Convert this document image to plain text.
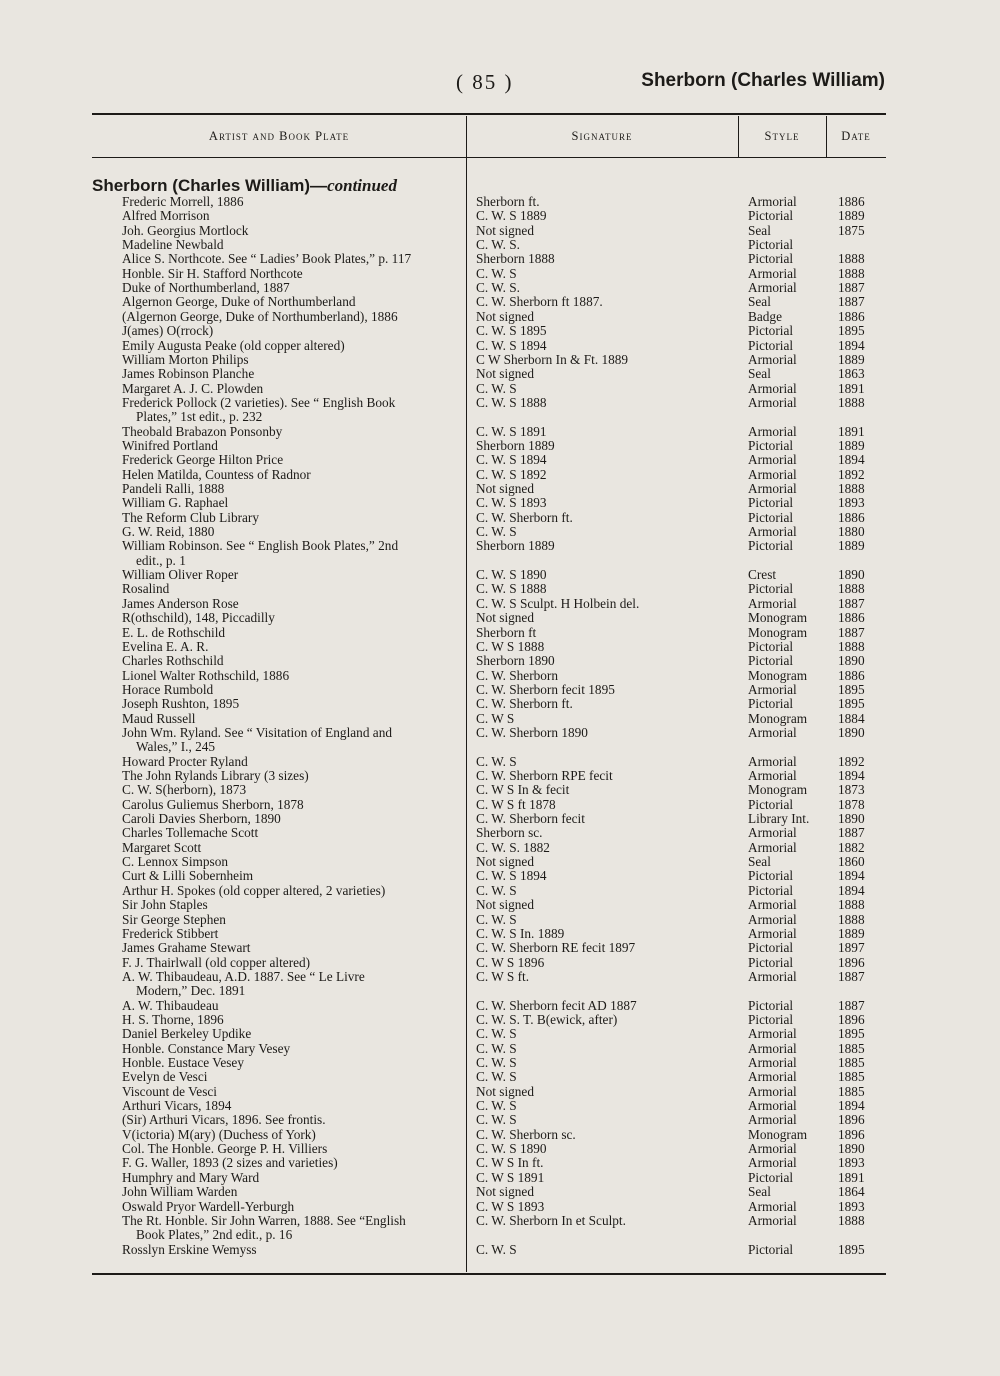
( 85 )	Sherborn (Charles William)
Artist and Book Plate	Signature	Style	Date
Sherborn (Charles William)—continued
Frederic Morrell, 1886	Sherborn ft.	Armorial	1886
Alfred Morrison	C. W. S 1889	Pictorial	1889
Joh. Georgius Mortlock	Not signed	Seal	1875
Madeline Newbald	C. W. S.	Pictorial
Alice S. Northcote. See “ Ladies’ Book Plates,” p. 117	Sherborn 1888	Pictorial	1888
Honble. Sir H. Stafford Northcote	C. W. S	Armorial	1888
Duke of Northumberland, 1887	C. W. S.	Armorial	1887
Algernon George, Duke of Northumberland	C. W. Sherborn ft 1887.	Seal	1887
(Algernon George, Duke of Northumberland), 1886	Not signed	Badge	1886
J(ames) O(rrock)	C. W. S 1895	Pictorial	1895
Emily Augusta Peake (old copper altered)	C. W. S 1894	Pictorial	1894
William Morton Philips	C W Sherborn In & Ft. 1889	Armorial	1889
James Robinson Planche	Not signed	Seal	1863
Margaret A. J. C. Plowden	C. W. S	Armorial	1891
Frederick Pollock (2 varieties). See “ English Book
Plates,” 1st edit., p. 232
C. W. S 1888	Armorial	1888
Theobald Brabazon Ponsonby	C. W. S 1891	Armorial	1891
Winifred Portland	Sherborn 1889	Pictorial	1889
Frederick George Hilton Price	C. W. S 1894	Armorial	1894
Helen Matilda, Countess of Radnor	C. W. S 1892	Armorial	1892
Pandeli Ralli, 1888	Not signed	Armorial	1888
William G. Raphael	C. W. S 1893	Pictorial	1893
The Reform Club Library	C. W. Sherborn ft.	Pictorial	1886
G. W. Reid, 1880	C. W. S	Armorial	1880
William Robinson. See “ English Book Plates,” 2nd
edit., p. 1
Sherborn 1889	Pictorial	1889
William Oliver Roper	C. W. S 1890	Crest	1890
Rosalind	C. W. S 1888	Pictorial	1888
James Anderson Rose	C. W. S Sculpt. H Holbein del.	Armorial	1887
R(othschild), 148, Piccadilly	Not signed	Monogram	1886
E. L. de Rothschild	Sherborn ft	Monogram	1887
Evelina E. A. R.	C. W S 1888	Pictorial	1888
Charles Rothschild	Sherborn 1890	Pictorial	1890
Lionel Walter Rothschild, 1886	C. W. Sherborn	Monogram	1886
Horace Rumbold	C. W. Sherborn fecit 1895	Armorial	1895
Joseph Rushton, 1895	C. W. Sherborn ft.	Pictorial	1895
Maud Russell	C. W S	Monogram	1884
John Wm. Ryland. See “ Visitation of England and
Wales,” I., 245
C. W. Sherborn 1890	Armorial	1890
Howard Procter Ryland	C. W. S	Armorial	1892
The John Rylands Library (3 sizes)	C. W. Sherborn RPE fecit	Armorial	1894
C. W. S(herborn), 1873	C. W S In & fecit	Monogram	1873
Carolus Guliemus Sherborn, 1878	C. W S ft 1878	Pictorial	1878
Caroli Davies Sherborn, 1890	C. W. Sherborn fecit	Library Int.	1890
Charles Tollemache Scott	Sherborn sc.	Armorial	1887
Margaret Scott	C. W. S. 1882	Armorial	1882
C. Lennox Simpson	Not signed	Seal	1860
Curt & Lilli Sobernheim	C. W. S 1894	Pictorial	1894
Arthur H. Spokes (old copper altered, 2 varieties)	C. W. S	Pictorial	1894
Sir John Staples	Not signed	Armorial	1888
Sir George Stephen	C. W. S	Armorial	1888
Frederick Stibbert	C. W. S In. 1889	Armorial	1889
James Grahame Stewart	C. W. Sherborn RE fecit 1897	Pictorial	1897
F. J. Thairlwall (old copper altered)	C. W S 1896	Pictorial	1896
A. W. Thibaudeau, A.D. 1887. See “ Le Livre
Modern,” Dec. 1891
C. W S ft.	Armorial	1887
A. W. Thibaudeau	C. W. Sherborn fecit AD 1887	Pictorial	1887
H. S. Thorne, 1896	C. W. S. T. B(ewick, after)	Pictorial	1896
Daniel Berkeley Updike	C. W. S	Armorial	1895
Honble. Constance Mary Vesey	C. W. S	Armorial	1885
Honble. Eustace Vesey	C. W. S	Armorial	1885
Evelyn de Vesci	C. W. S	Armorial	1885
Viscount de Vesci	Not signed	Armorial	1885
Arthuri Vicars, 1894	C. W. S	Armorial	1894
(Sir) Arthuri Vicars, 1896. See frontis.	C. W. S	Armorial	1896
V(ictoria) M(ary) (Duchess of York)	C. W. Sherborn sc.	Monogram	1896
Col. The Honble. George P. H. Villiers	C. W. S 1890	Armorial	1890
F. G. Waller, 1893 (2 sizes and varieties)	C. W S In ft.	Armorial	1893
Humphry and Mary Ward	C. W S 1891	Pictorial	1891
John William Warden	Not signed	Seal	1864
Oswald Pryor Wardell-Yerburgh	C. W S 1893	Armorial	1893
The Rt. Honble. Sir John Warren, 1888. See “English
Book Plates,” 2nd edit., p. 16
C. W. Sherborn In et Sculpt.	Armorial	1888
Rosslyn Erskine Wemyss	C. W. S	Pictorial	1895
